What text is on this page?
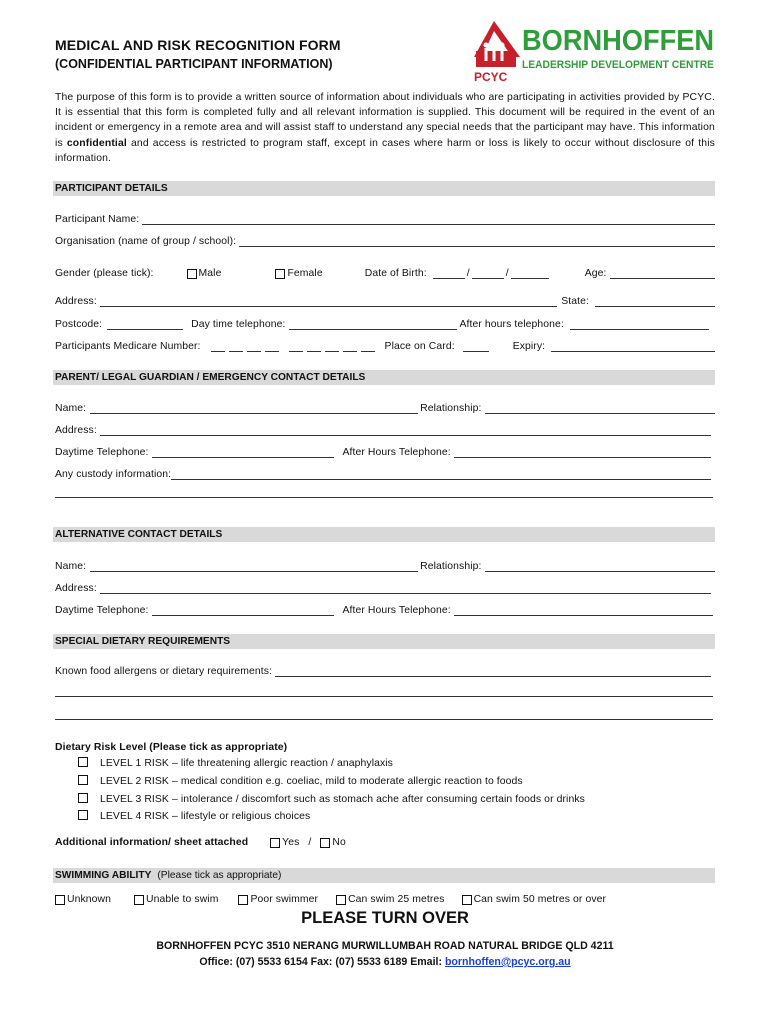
MEDICAL AND RISK RECOGNITION FORM
(CONFIDENTIAL PARTICIPANT INFORMATION)
BORNHOFFEN
LEADERSHIP DEVELOPMENT CENTRE
PCYC
The purpose of this form is to provide a written source of information about individuals who are participating in activities provided by PCYC. It is essential that this form is completed fully and all relevant information is supplied. This document will be required in the event of an incident or emergency in a remote area and will assist staff to understand any special needs that the participant may have. This information is confidential and access is restricted to program staff, except in cases where harm or loss is likely to occur without disclosure of this information.
PARTICIPANT DETAILS
Participant Name:
Organisation (name of group / school):
Gender (please tick):	Male	Female	Date of Birth:	/	/	Age:
Address:	State:
Postcode:	Day time telephone:	After hours telephone:
Participants Medicare Number:	Place on Card:	Expiry:
PARENT/ LEGAL GUARDIAN / EMERGENCY CONTACT DETAILS
Name:	Relationship:
Address:
Daytime Telephone:	After Hours Telephone:
Any custody information:
ALTERNATIVE CONTACT DETAILS
Name:	Relationship:
Address:
Daytime Telephone:	After Hours Telephone:
SPECIAL DIETARY REQUIREMENTS
Known food allergens or dietary requirements:
Dietary Risk Level (Please tick as appropriate)
LEVEL 1 RISK – life threatening allergic reaction / anaphylaxis
LEVEL 2 RISK – medical condition e.g. coeliac, mild to moderate allergic reaction to foods
LEVEL 3 RISK – intolerance / discomfort such as stomach ache after consuming certain foods or drinks
LEVEL 4 RISK – lifestyle or religious choices
Additional information/ sheet attached	Yes / No
SWIMMING ABILITY (Please tick as appropriate)
Unknown	Unable to swim	Poor swimmer	Can swim 25 metres	Can swim 50 metres or over
PLEASE TURN OVER
BORNHOFFEN PCYC 3510 NERANG MURWILLUMBAH ROAD NATURAL BRIDGE QLD 4211
Office: (07) 5533 6154 Fax: (07) 5533 6189 Email: bornhoffen@pcyc.org.au
